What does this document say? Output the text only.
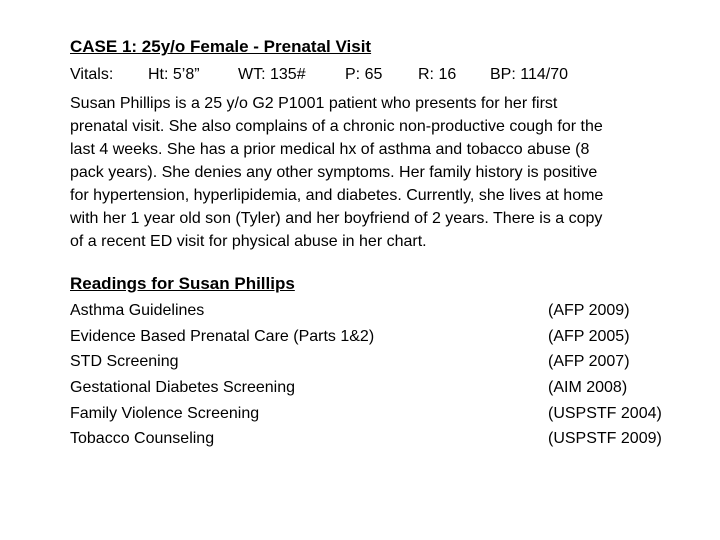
CASE 1: 25y/o Female - Prenatal Visit
Vitals: Ht: 5’8” WT: 135# P: 65 R: 16 BP: 114/70
Susan Phillips is a 25 y/o G2 P1001 patient who presents for her first
prenatal visit. She also complains of a chronic non-productive cough for the
last 4 weeks. She has a prior medical hx of asthma and tobacco abuse (8
pack years). She denies any other symptoms. Her family history is positive
for hypertension, hyperlipidemia, and diabetes. Currently, she lives at home
with her 1 year old son (Tyler) and her boyfriend of 2 years. There is a copy
of a recent ED visit for physical abuse in her chart.
Readings for Susan Phillips
Asthma Guidelines	(AFP 2009)
Evidence Based Prenatal Care (Parts 1&2)	(AFP 2005)
STD Screening	(AFP 2007)
Gestational Diabetes Screening	(AIM 2008)
Family Violence Screening	(USPSTF 2004)
Tobacco Counseling	(USPSTF 2009)
